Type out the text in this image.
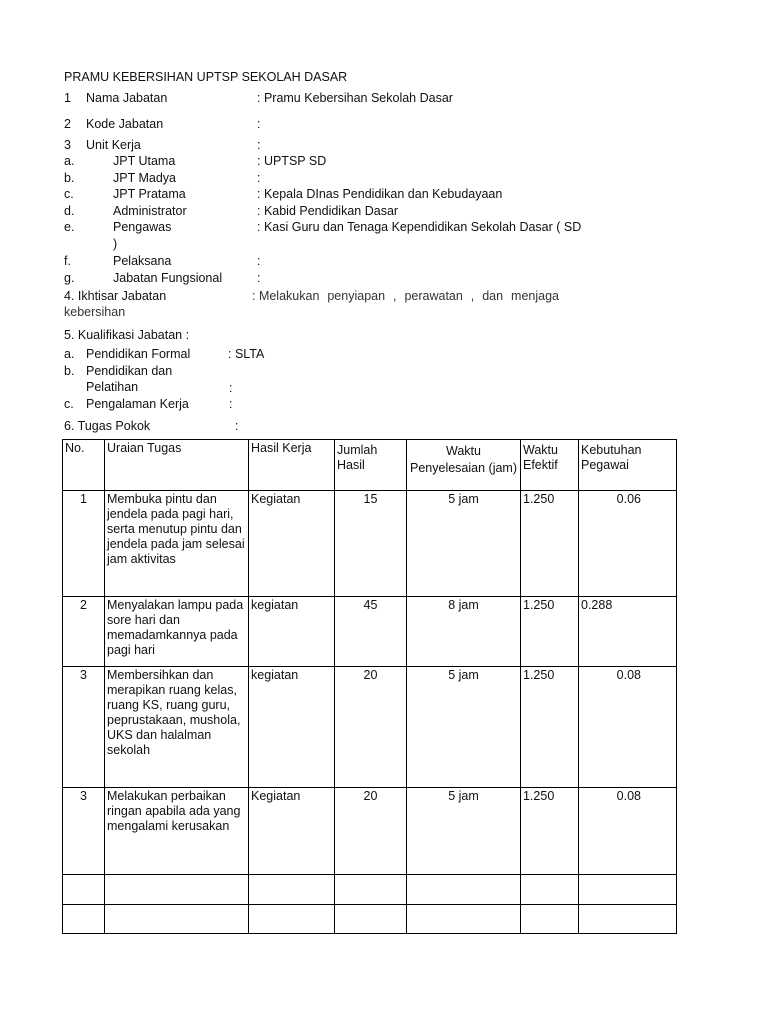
PRAMU KEBERSIHAN UPTSP SEKOLAH DASAR
1 Nama Jabatan	: Pramu Kebersihan Sekolah Dasar
2 Kode Jabatan	:
3 Unit Kerja	:
a.	JPT Utama	: UPTSP SD
b.	JPT Madya	:
c.	JPT Pratama	: Kepala DInas Pendidikan dan Kebudayaan
d.	Administrator	: Kabid Pendidikan Dasar
e.	Pengawas	: Kasi Guru dan Tenaga Kependidikan Sekolah Dasar ( SD
)
f.	Pelaksana	:
g.	Jabatan Fungsional	:
4. Ikhtisar Jabatan	: Melakukan penyiapan , perawatan , dan menjaga
kebersihan
5. Kualifikasi Jabatan :
a. Pendidikan Formal	: SLTA
b. Pendidikan dan
Pelatihan	:
c. Pengalaman Kerja	:
6. Tugas Pokok	:
No.	Uraian Tugas	Hasil Kerja	Jumlah Hasil	Waktu Penyelesaian (jam)	Waktu Efektif	Kebutuhan Pegawai
1	Membuka pintu dan jendela pada pagi hari, serta menutup pintu dan jendela pada jam selesai jam aktivitas	Kegiatan	15	5 jam	1.250	0.06
2	Menyalakan lampu pada sore hari dan memadamkannya pada pagi hari	kegiatan	45	8 jam	1.250	0.288
3	Membersihkan dan merapikan ruang kelas, ruang KS, ruang guru, peprustakaan, mushola, UKS dan halalman sekolah	kegiatan	20	5 jam	1.250	0.08
3	Melakukan perbaikan ringan apabila ada yang mengalami kerusakan	Kegiatan	20	5 jam	1.250	0.08
